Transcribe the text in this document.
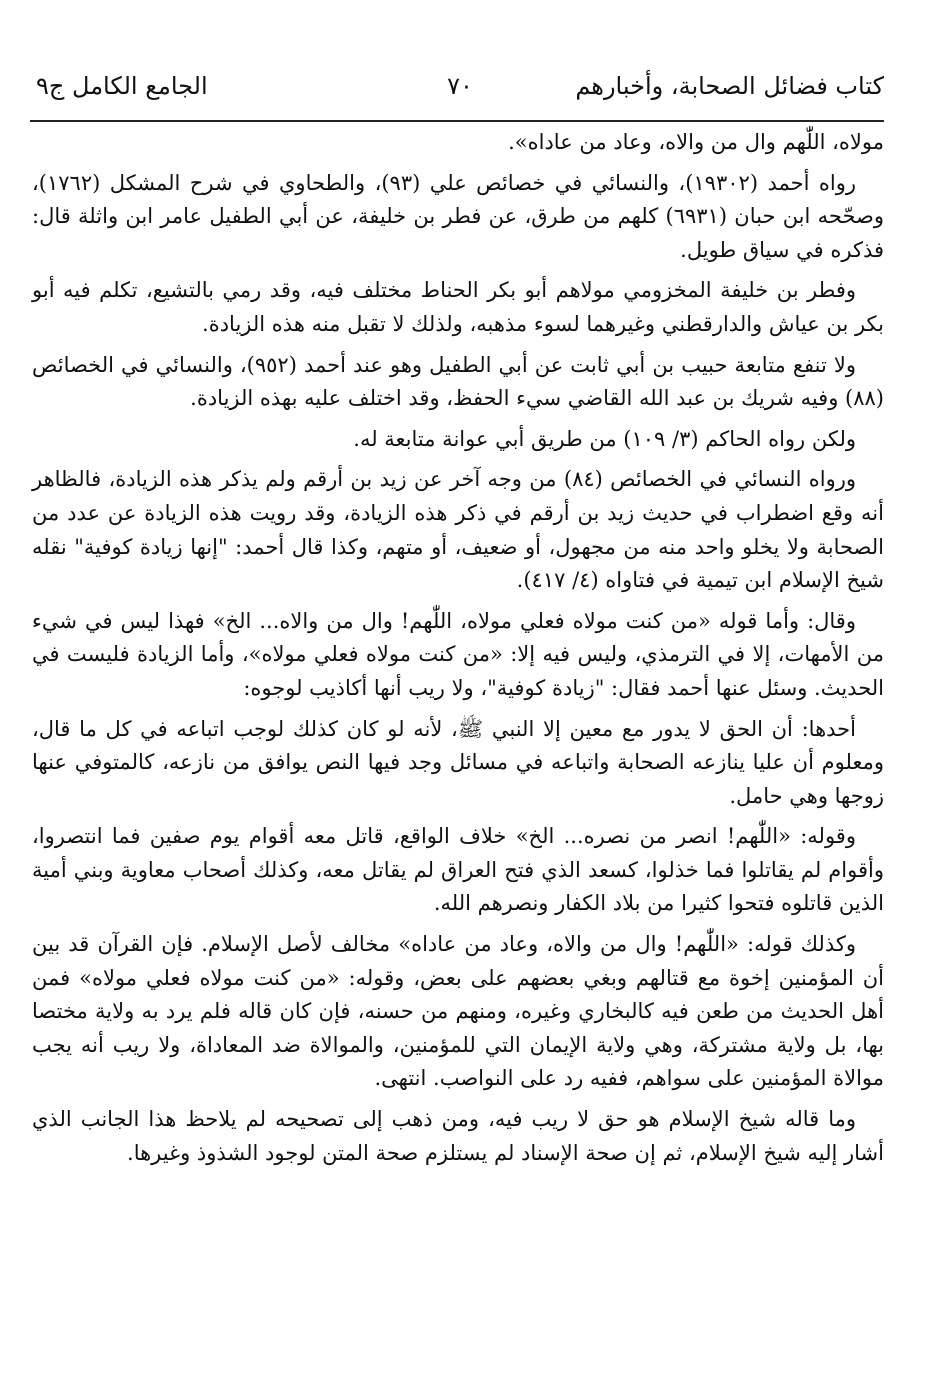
كتاب فضائل الصحابة، وأخبارهم
٧٠
الجامع الكامل ج٩

مولاه، اللّٰهم وال من والاه، وعاد من عاداه».

رواه أحمد (١٩٣٠٢)، والنسائي في خصائص علي (٩٣)، والطحاوي في شرح المشكل (١٧٦٢)، وصحّحه ابن حبان (٦٩٣١) كلهم من طرق، عن فطر بن خليفة، عن أبي الطفيل عامر ابن واثلة قال: فذكره في سياق طويل.

وفطر بن خليفة المخزومي مولاهم أبو بكر الحناط مختلف فيه، وقد رمي بالتشيع، تكلم فيه أبو بكر بن عياش والدارقطني وغيرهما لسوء مذهبه، ولذلك لا تقبل منه هذه الزيادة.

ولا تنفع متابعة حبيب بن أبي ثابت عن أبي الطفيل وهو عند أحمد (٩٥٢)، والنسائي في الخصائص (٨٨) وفيه شريك بن عبد الله القاضي سيء الحفظ، وقد اختلف عليه بهذه الزيادة.

ولكن رواه الحاكم (٣/ ١٠٩) من طريق أبي عوانة متابعة له.

ورواه النسائي في الخصائص (٨٤) من وجه آخر عن زيد بن أرقم ولم يذكر هذه الزيادة، فالظاهر أنه وقع اضطراب في حديث زيد بن أرقم في ذكر هذه الزيادة، وقد رويت هذه الزيادة عن عدد من الصحابة ولا يخلو واحد منه من مجهول، أو ضعيف، أو متهم، وكذا قال أحمد: "إنها زيادة كوفية" نقله شيخ الإسلام ابن تيمية في فتاواه (٤/ ٤١٧).

وقال: وأما قوله «من كنت مولاه فعلي مولاه، اللّٰهم! وال من والاه... الخ» فهذا ليس في شيء من الأمهات، إلا في الترمذي، وليس فيه إلا: «من كنت مولاه فعلي مولاه»، وأما الزيادة فليست في الحديث. وسئل عنها أحمد فقال: "زيادة كوفية"، ولا ريب أنها أكاذيب لوجوه:

أحدها: أن الحق لا يدور مع معين إلا النبي ﷺ، لأنه لو كان كذلك لوجب اتباعه في كل ما قال، ومعلوم أن عليا ينازعه الصحابة واتباعه في مسائل وجد فيها النص يوافق من نازعه، كالمتوفي عنها زوجها وهي حامل.

وقوله: «اللّٰهم! انصر من نصره... الخ» خلاف الواقع، قاتل معه أقوام يوم صفين فما انتصروا، وأقوام لم يقاتلوا فما خذلوا، كسعد الذي فتح العراق لم يقاتل معه، وكذلك أصحاب معاوية وبني أمية الذين قاتلوه فتحوا كثيرا من بلاد الكفار ونصرهم الله.

وكذلك قوله: «اللّٰهم! وال من والاه، وعاد من عاداه» مخالف لأصل الإسلام. فإن القرآن قد بين أن المؤمنين إخوة مع قتالهم وبغي بعضهم على بعض، وقوله: «من كنت مولاه فعلي مولاه» فمن أهل الحديث من طعن فيه كالبخاري وغيره، ومنهم من حسنه، فإن كان قاله فلم يرد به ولاية مختصا بها، بل ولاية مشتركة، وهي ولاية الإيمان التي للمؤمنين، والموالاة ضد المعاداة، ولا ريب أنه يجب موالاة المؤمنين على سواهم، ففيه رد على النواصب. انتهى.

وما قاله شيخ الإسلام هو حق لا ريب فيه، ومن ذهب إلى تصحيحه لم يلاحظ هذا الجانب الذي أشار إليه شيخ الإسلام، ثم إن صحة الإسناد لم يستلزم صحة المتن لوجود الشذوذ وغيرها.
